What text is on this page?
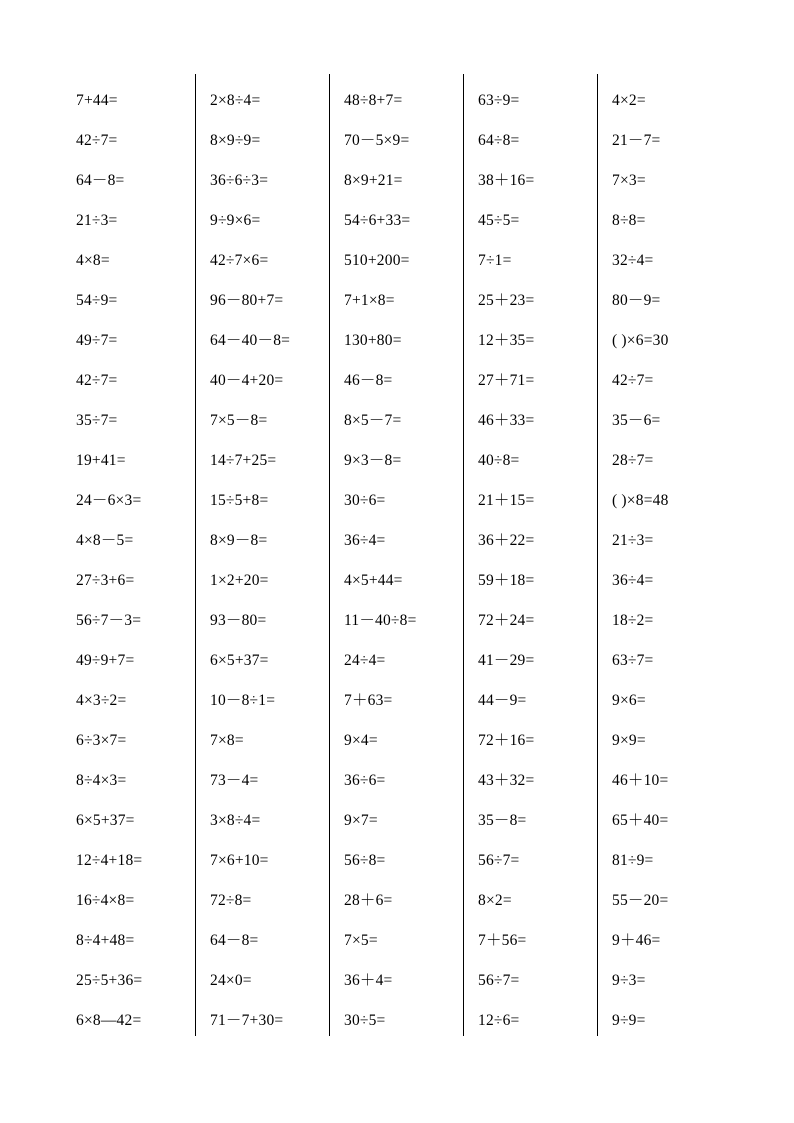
7+44=
42÷7=
64－8=
21÷3=
4×8=
54÷9=
49÷7=
42÷7=
35÷7=
19+41=
24－6×3=
4×8－5=
27÷3+6=
56÷7－3=
49÷9+7=
4×3÷2=
6÷3×7=
8÷4×3=
6×5+37=
12÷4+18=
16÷4×8=
8÷4+48=
25÷5+36=
6×8—42=
2×8÷4=
8×9÷9=
36÷6÷3=
9÷9×6=
42÷7×6=
96－80+7=
64－40－8=
40－4+20=
7×5－8=
14÷7+25=
15÷5+8=
8×9－8=
1×2+20=
93－80=
6×5+37=
10－8÷1=
7×8=
73－4=
3×8÷4=
7×6+10=
72÷8=
64－8=
24×0=
71－7+30=
48÷8+7=
70－5×9=
8×9+21=
54÷6+33=
510+200=
7+1×8=
130+80=
46－8=
8×5－7=
9×3－8=
30÷6=
36÷4=
4×5+44=
11－40÷8=
24÷4=
7＋63=
9×4=
36÷6=
9×7=
56÷8=
28＋6=
7×5=
36＋4=
30÷5=
63÷9=
64÷8=
38＋16=
45÷5=
7÷1=
25＋23=
12＋35=
27＋71=
46＋33=
40÷8=
21＋15=
36＋22=
59＋18=
72＋24=
41－29=
44－9=
72＋16=
43＋32=
35－8=
56÷7=
8×2=
7＋56=
56÷7=
12÷6=
4×2=
21－7=
7×3=
8÷8=
32÷4=
80－9=
( )×6=30
42÷7=
35－6=
28÷7=
( )×8=48
21÷3=
36÷4=
18÷2=
63÷7=
9×6=
9×9=
46＋10=
65＋40=
81÷9=
55－20=
9＋46=
9÷3=
9÷9=
